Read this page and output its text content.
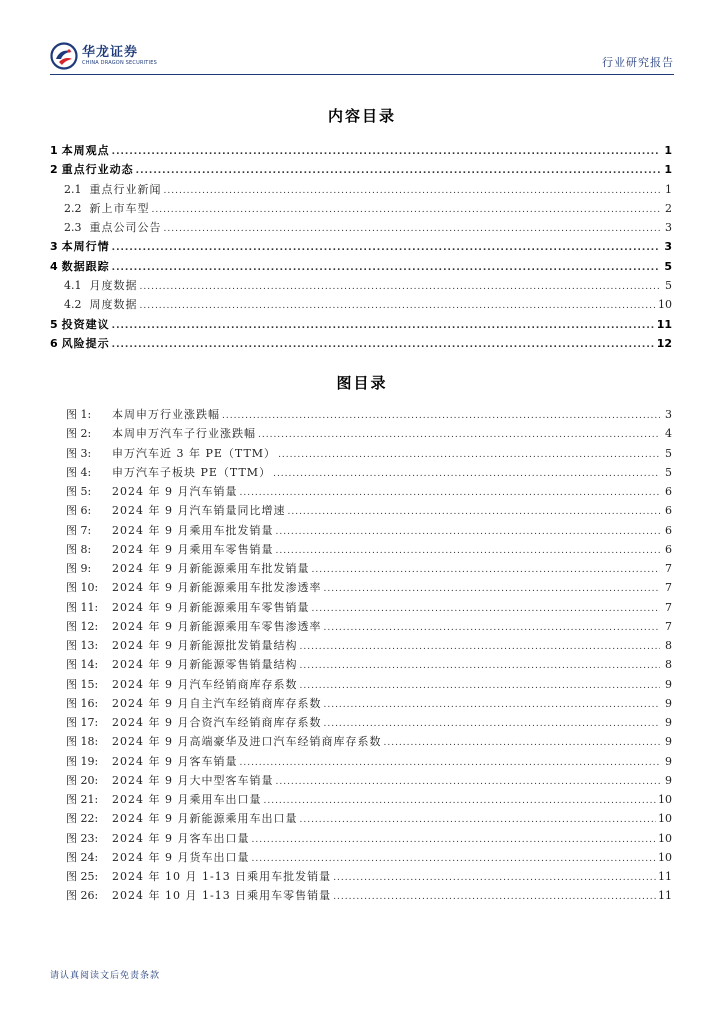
华龙证券
CHINA DRAGON SECURITIES	行业研究报告
内容目录
1 本周观点 .....	1
2 重点行业动态 .....	1
2.1 重点行业新闻 .....	1
2.2 新上市车型 .....	2
2.3 重点公司公告 .....	3
3 本周行情 .....	3
4 数据跟踪 .....	5
4.1 月度数据 .....	5
4.2 周度数据 .....	10
5 投资建议 .....	11
6 风险提示 .....	12
图目录
图 1:	本周申万行业涨跌幅 .....	3
图 2:	本周申万汽车子行业涨跌幅 .....	4
图 3:	申万汽车近 3 年 PE（TTM） .....	5
图 4:	申万汽车子板块 PE（TTM） .....	5
图 5:	2024 年 9 月汽车销量 .....	6
图 6:	2024 年 9 月汽车销量同比增速 .....	6
图 7:	2024 年 9 月乘用车批发销量 .....	6
图 8:	2024 年 9 月乘用车零售销量 .....	6
图 9:	2024 年 9 月新能源乘用车批发销量 .....	7
图 10:	2024 年 9 月新能源乘用车批发渗透率 .....	7
图 11:	2024 年 9 月新能源乘用车零售销量 .....	7
图 12:	2024 年 9 月新能源乘用车零售渗透率 .....	7
图 13:	2024 年 9 月新能源批发销量结构 .....	8
图 14:	2024 年 9 月新能源零售销量结构 .....	8
图 15:	2024 年 9 月汽车经销商库存系数 .....	9
图 16:	2024 年 9 月自主汽车经销商库存系数 .....	9
图 17:	2024 年 9 月合资汽车经销商库存系数 .....	9
图 18:	2024 年 9 月高端豪华及进口汽车经销商库存系数 .....	9
图 19:	2024 年 9 月客车销量 .....	9
图 20:	2024 年 9 月大中型客车销量 .....	9
图 21:	2024 年 9 月乘用车出口量 .....	10
图 22:	2024 年 9 月新能源乘用车出口量 .....	10
图 23:	2024 年 9 月客车出口量 .....	10
图 24:	2024 年 9 月货车出口量 .....	10
图 25:	2024 年 10 月 1-13 日乘用车批发销量 .....	11
图 26:	2024 年 10 月 1-13 日乘用车零售销量 .....	11
请认真阅读文后免责条款
